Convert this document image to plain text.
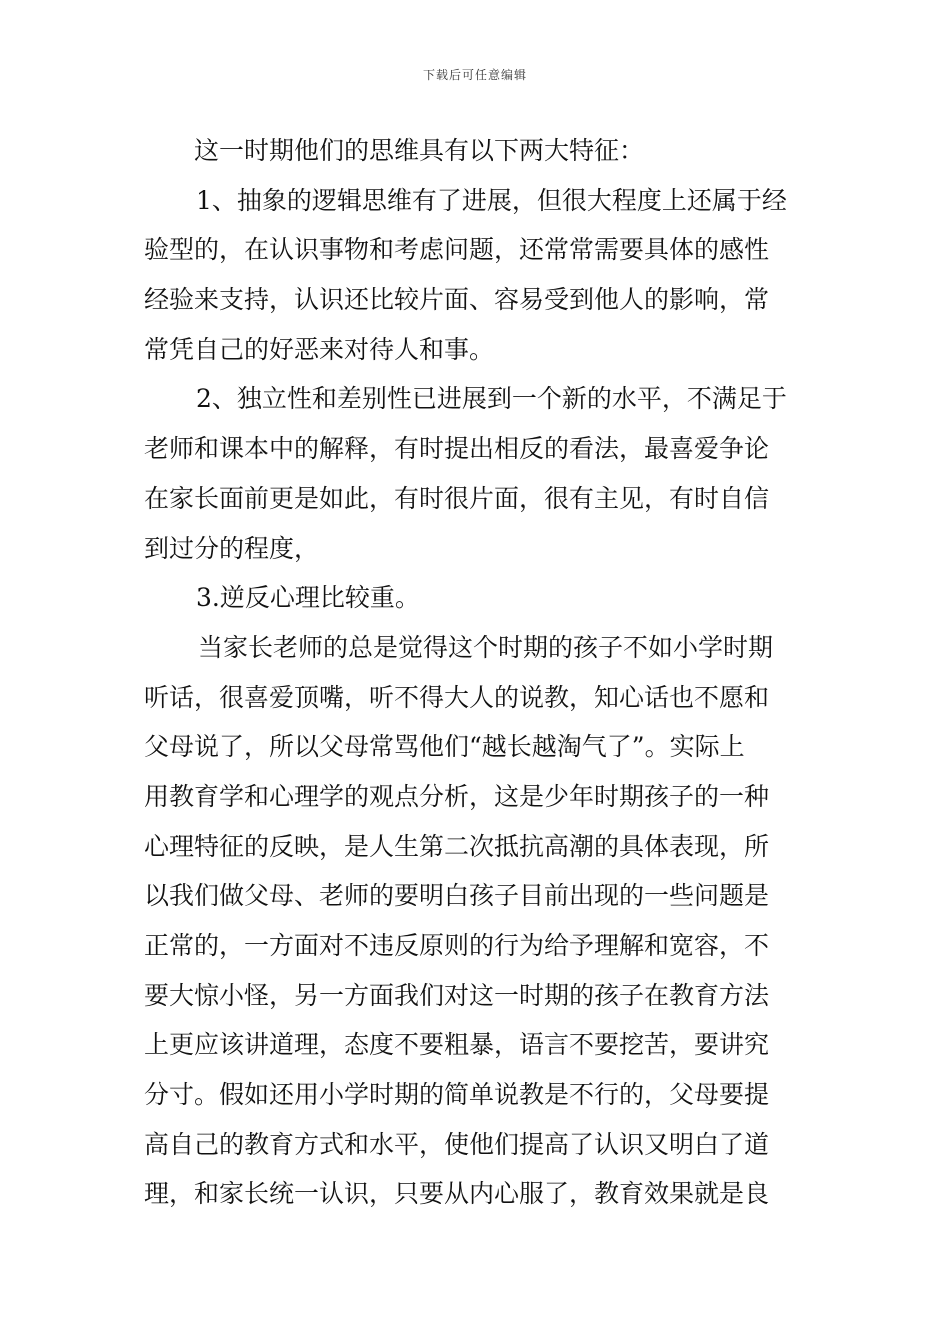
下载后可任意编辑
这一时期他们的思维具有以下两大特征：
1、抽象的逻辑思维有了进展，但很大程度上还属于经
验型的，在认识事物和考虑问题，还常常需要具体的感性
经验来支持，认识还比较片面、容易受到他人的影响，常
常凭自己的好恶来对待人和事。
2、独立性和差别性已进展到一个新的水平，不满足于
老师和课本中的解释，有时提出相反的看法，最喜爱争论
在家长面前更是如此，有时很片面，很有主见，有时自信
到过分的程度，
3.逆反心理比较重。
当家长老师的总是觉得这个时期的孩子不如小学时期
听话，很喜爱顶嘴，听不得大人的说教，知心话也不愿和
父母说了，所以父母常骂他们“越长越淘气了”。实际上
用教育学和心理学的观点分析，这是少年时期孩子的一种
心理特征的反映，是人生第二次抵抗高潮的具体表现，所
以我们做父母、老师的要明白孩子目前出现的一些问题是
正常的，一方面对不违反原则的行为给予理解和宽容，不
要大惊小怪，另一方面我们对这一时期的孩子在教育方法
上更应该讲道理，态度不要粗暴，语言不要挖苦，要讲究
分寸。假如还用小学时期的简单说教是不行的，父母要提
高自己的教育方式和水平，使他们提高了认识又明白了道
理，和家长统一认识，只要从内心服了，教育效果就是良
